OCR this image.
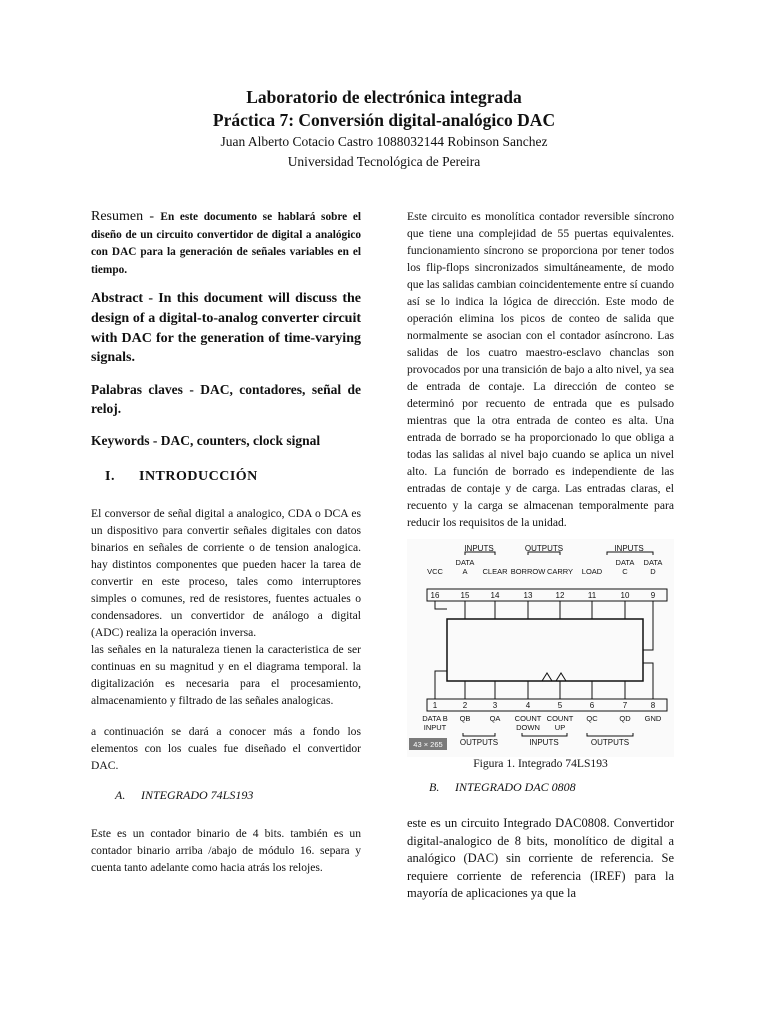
Laboratorio de electrónica integrada
Práctica 7: Conversión digital-analógico DAC
Juan Alberto Cotacio Castro 1088032144 Robinson Sanchez
Universidad Tecnológica de Pereira

Resumen - En este documento se hablará sobre el diseño de un circuito convertidor de digital a analógico con DAC para la generación de señales variables en el tiempo.

Abstract - In this document will discuss the design of a digital-to-analog converter circuit with DAC for the generation of time-varying signals.

Palabras claves - DAC, contadores, señal de reloj.

Keywords - DAC, counters, clock signal

I. INTRODUCCIÓN

El conversor de señal digital a analogico, CDA o DCA es un dispositivo para convertir señales digitales con datos binarios en señales de corriente o de tension analogica. hay distintos componentes que pueden hacer la tarea de convertir en este proceso, tales como interruptores simples o comunes, red de resistores, fuentes actuales o condensadores. un convertidor de análogo a digital (ADC) realiza la operación inversa.

las señales en la naturaleza tienen la caracteristica de ser continuas en su magnitud y en el diagrama temporal. la digitalización es necesaria para el procesamiento, almacenamiento y filtrado de las señales analogicas.

a continuación se dará a conocer más a fondo los elementos con los cuales fue diseñado el convertidor DAC.

A. INTEGRADO 74LS193

Este es un contador binario de 4 bits. también es un contador binario arriba /abajo de módulo 16. separa y cuenta tanto adelante como hacia atrás los relojes.

Este circuito es monolítica contador reversible síncrono que tiene una complejidad de 55 puertas equivalentes. funcionamiento síncrono se proporciona por tener todos los flip-flops sincronizados simultáneamente, de modo que las salidas cambian coincidentemente entre sí cuando así se lo indica la lógica de dirección. Este modo de operación elimina los picos de conteo de salida que normalmente se asocian con el contador asíncrono. Las salidas de los cuatro maestro-esclavo chanclas son provocados por una transición de bajo a alto nivel, ya sea de entrada de contaje. La dirección de conteo se determinó por recuento de entrada que es pulsado mientras que la otra entrada de conteo es alta. Una entrada de borrado se ha proporcionado lo que obliga a todas las salidas al nivel bajo cuando se aplica un nivel alto. La función de borrado es independiente de las entradas de contaje y de carga. Las entradas claras, el recuento y la carga se almacenan temporalmente para reducir los requisitos de la unidad.

INPUTS	OUTPUTS	INPUTS
VCC
DATA
A CLEAR BORROW CARRY LOAD
DATA
C
DATA
D
16	15	14	13	12	11	10	9
1	2	3	4	5	6	7	8
DATA B
INPUT
QB	QA COUNT
DOWN
COUNT
UP
QC	QD GND
OUTPUTS	INPUTS	OUTPUTS
43 × 265

Figura 1. Integrado 74LS193

B. INTEGRADO DAC 0808

este es un circuito Integrado DAC0808. Convertidor digital-analogico de 8 bits, monolítico de digital a analógico (DAC) sin corriente de referencia. Se requiere corriente de referencia (IREF) para la mayoría de aplicaciones ya que la
